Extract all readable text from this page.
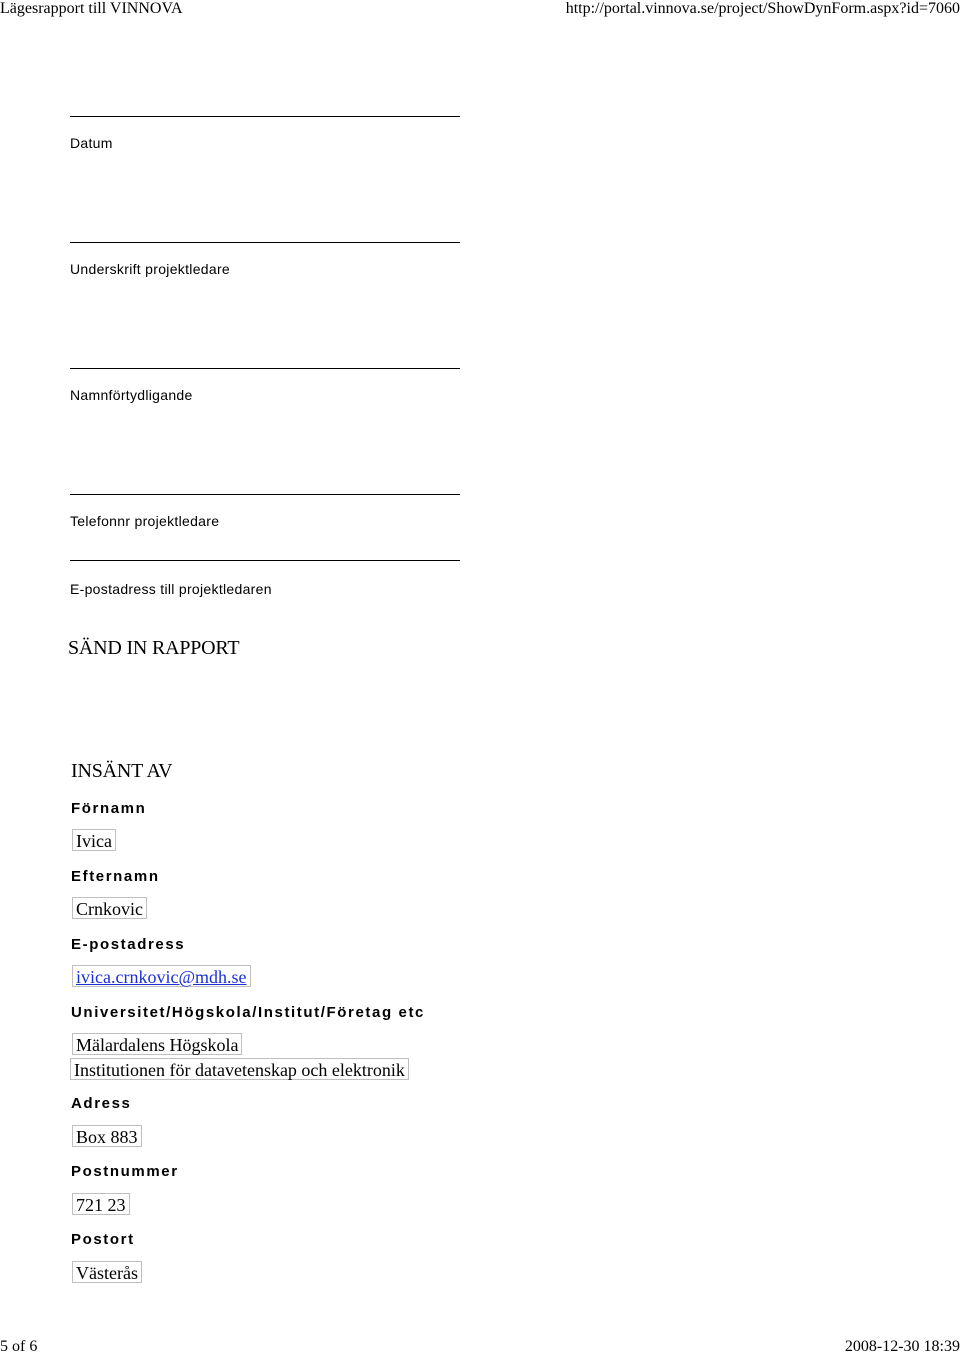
Lägesrapport till VINNOVA	http://portal.vinnova.se/project/ShowDynForm.aspx?id=7060
Datum
Underskrift projektledare
Namnförtydligande
Telefonnr projektledare
E-postadress till projektledaren
SÄND IN RAPPORT
INSÄNT AV
Förnamn
Ivica
Efternamn
Crnkovic
E-postadress
ivica.crnkovic@mdh.se
Universitet/Högskola/Institut/Företag etc
Mälardalens Högskola
Institutionen för datavetenskap och elektronik
Adress
Box 883
Postnummer
721 23
Postort
Västerås
5 of 6	2008-12-30 18:39
